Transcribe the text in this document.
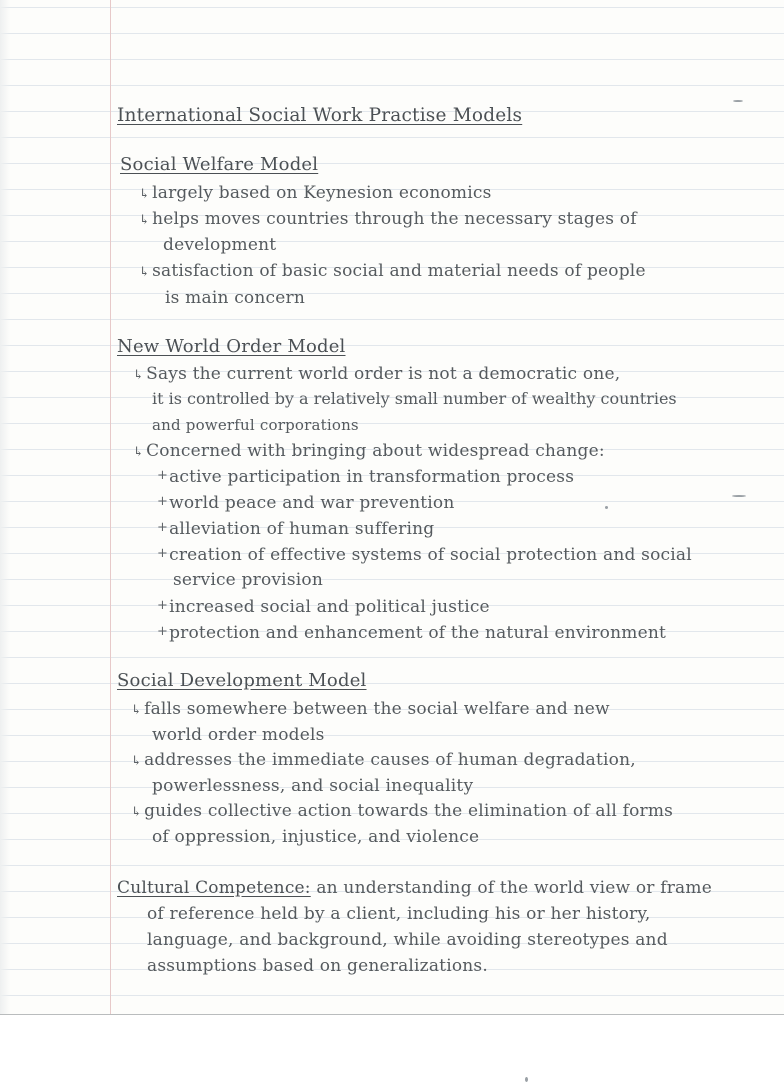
International Social Work Practise Models
Social Welfare Model
↳ largely based on Keynesion economics
↳ helps moves countries through the necessary stages of
development
↳ satisfaction of basic social and material needs of people
is main concern
New World Order Model
↳ Says the current world order is not a democratic one,
it is controlled by a relatively small number of wealthy countries
and powerful corporations
↳ Concerned with bringing about widespread change:
+active participation in transformation process
+world peace and war prevention
+alleviation of human suffering
+creation of effective systems of social protection and social
service provision
+increased social and political justice
+protection and enhancement of the natural environment
Social Development Model
↳ falls somewhere between the social welfare and new
world order models
↳ addresses the immediate causes of human degradation,
powerlessness, and social inequality
↳ guides collective action towards the elimination of all forms
of oppression, injustice, and violence
Cultural Competence: an understanding of the world view or frame
of reference held by a client, including his or her history,
language, and background, while avoiding stereotypes and
assumptions based on generalizations.
